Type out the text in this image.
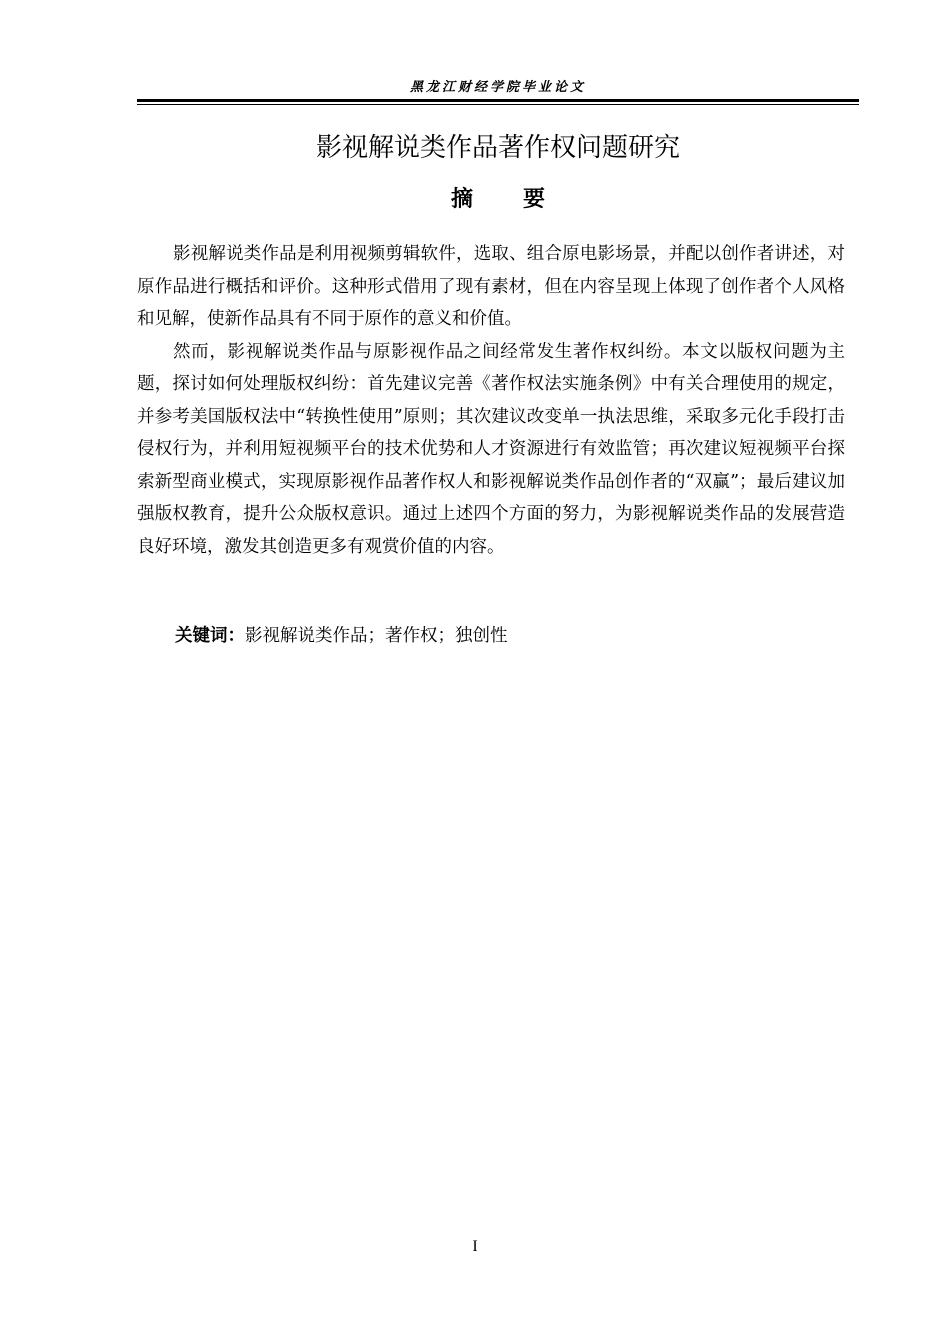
黑龙江财经学院毕业论文
影视解说类作品著作权问题研究
摘要

影视解说类作品是利用视频剪辑软件，选取、组合原电影场景，并配以创作者讲述，对原作品进行概括和评价。这种形式借用了现有素材，但在内容呈现上体现了创作者个人风格和见解，使新作品具有不同于原作的意义和价值。

然而，影视解说类作品与原影视作品之间经常发生著作权纠纷。本文以版权问题为主题，探讨如何处理版权纠纷：首先建议完善《著作权法实施条例》中有关合理使用的规定，并参考美国版权法中“转换性使用”原则；其次建议改变单一执法思维，采取多元化手段打击侵权行为，并利用短视频平台的技术优势和人才资源进行有效监管；再次建议短视频平台探索新型商业模式，实现原影视作品著作权人和影视解说类作品创作者的“双赢”；最后建议加强版权教育，提升公众版权意识。通过上述四个方面的努力，为影视解说类作品的发展营造良好环境，激发其创造更多有观赏价值的内容。

关键词：影视解说类作品；著作权；独创性
I
